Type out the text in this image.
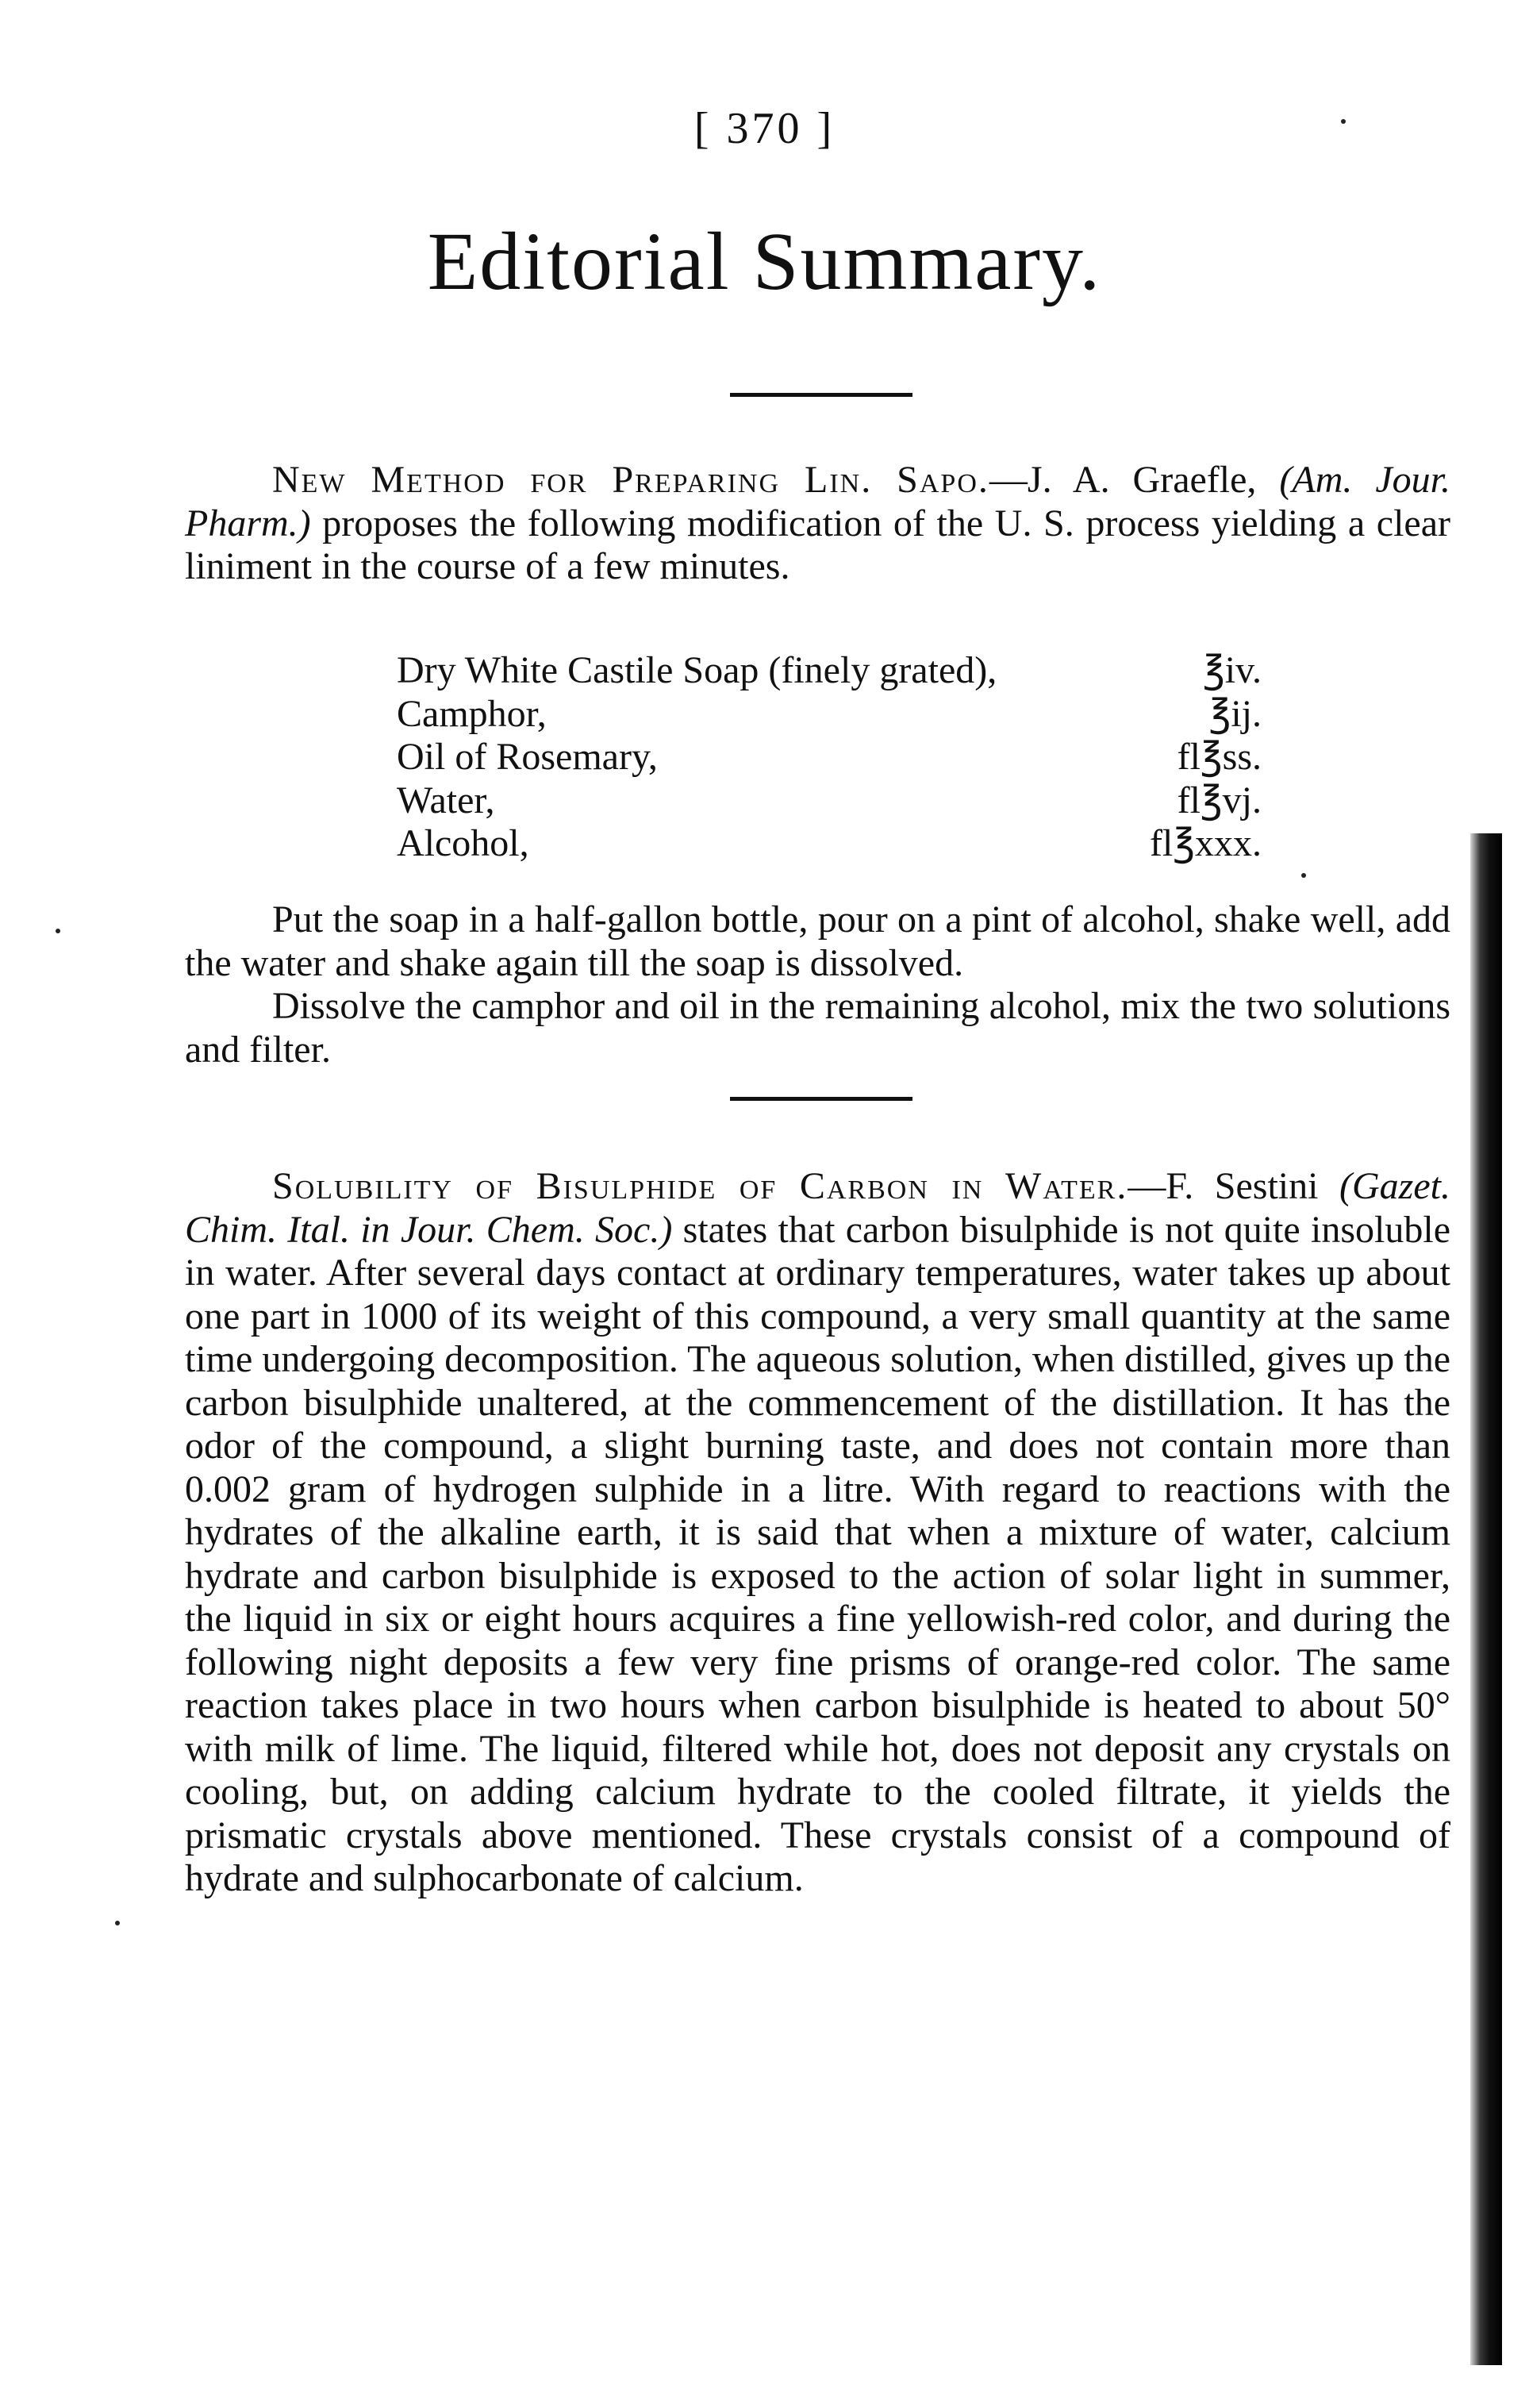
[ 370 ]
Editorial Summary.

New Method for Preparing Lin. Sapo.—J. A. Graefle, (Am. Jour. Pharm.) proposes the following modification of the U. S. process yielding a clear liniment in the course of a few minutes.

Dry White Castile Soap (finely grated),	℥iv.
Camphor,	℥ij.
Oil of Rosemary,	fl℥ss.
Water,	fl℥vj.
Alcohol,	fl℥xxx.

Put the soap in a half-gallon bottle, pour on a pint of alcohol, shake well, add the water and shake again till the soap is dissolved.

Dissolve the camphor and oil in the remaining alcohol, mix the two solutions and filter.

Solubility of Bisulphide of Carbon in Water.—F. Sestini (Gazet. Chim. Ital. in Jour. Chem. Soc.) states that carbon bisulphide is not quite insoluble in water. After several days contact at ordinary temperatures, water takes up about one part in 1000 of its weight of this compound, a very small quantity at the same time undergoing decomposition. The aqueous solution, when distilled, gives up the carbon bisulphide unaltered, at the commencement of the distillation. It has the odor of the compound, a slight burning taste, and does not contain more than 0.002 gram of hydrogen sulphide in a litre. With regard to reactions with the hydrates of the alkaline earth, it is said that when a mixture of water, calcium hydrate and carbon bisulphide is exposed to the action of solar light in summer, the liquid in six or eight hours acquires a fine yellowish-red color, and during the following night deposits a few very fine prisms of orange-red color. The same reaction takes place in two hours when carbon bisulphide is heated to about 50° with milk of lime. The liquid, filtered while hot, does not deposit any crystals on cooling, but, on adding calcium hydrate to the cooled filtrate, it yields the prismatic crystals above mentioned. These crystals consist of a compound of hydrate and sulphocarbonate of calcium.
